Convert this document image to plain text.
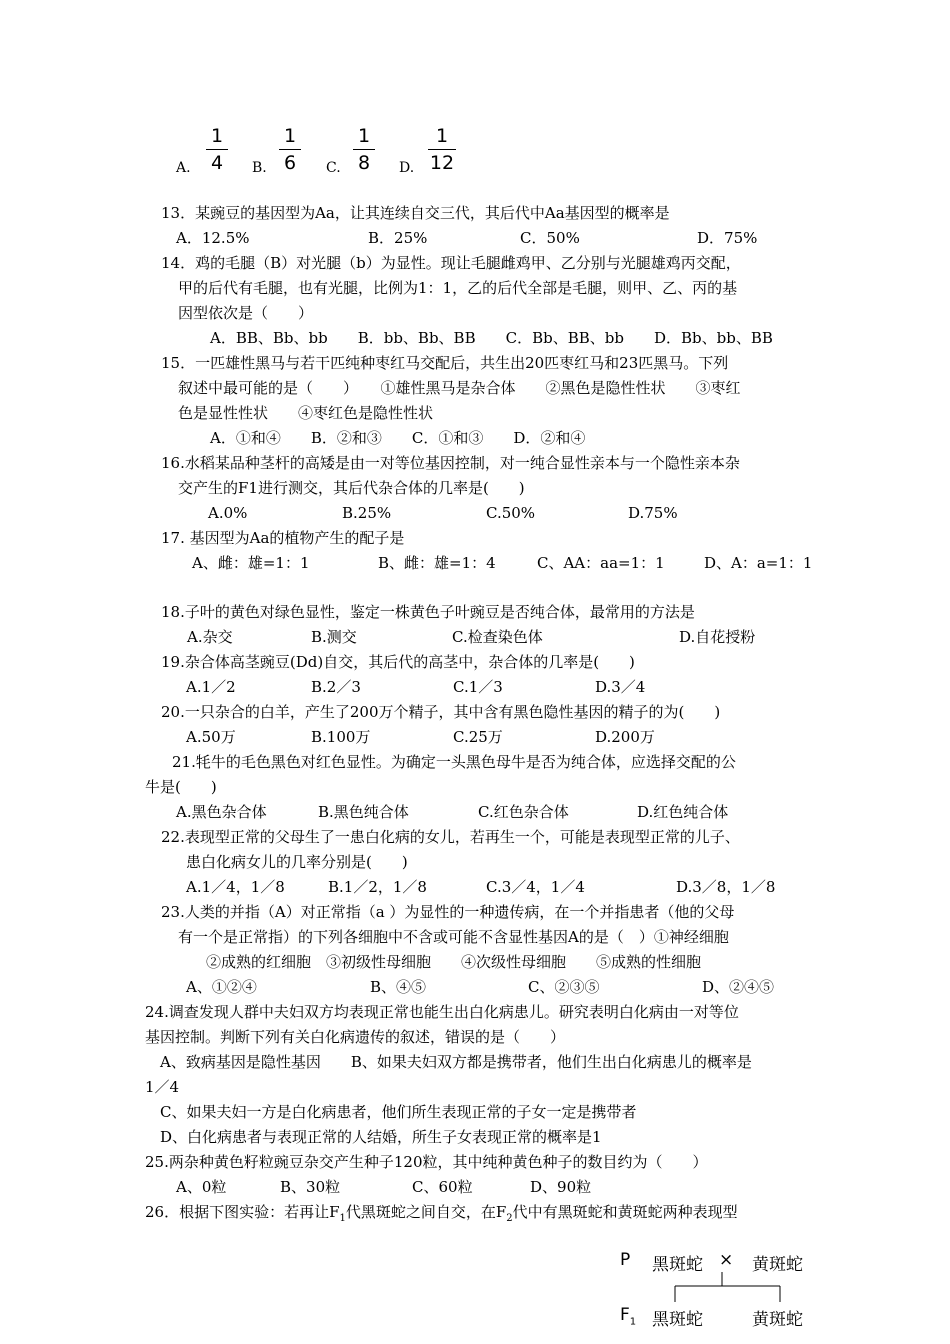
A.
1
4	B.
1
6	C.
1
8	D.
1
12
13．某豌豆的基因型为Aa，让其连续自交三代，其后代中Aa基因型的概率是
A．12.5%	B．25%	C．50%	D．75%
14．鸡的毛腿（B）对光腿（b）为显性。现让毛腿雌鸡甲、乙分别与光腿雄鸡丙交配，
甲的后代有毛腿，也有光腿，比例为1：1，乙的后代全部是毛腿，则甲、乙、丙的基
因型依次是（　　）
A．BB、Bb、bb　　B．bb、Bb、BB　　C．Bb、BB、bb　　D．Bb、bb、BB
15．一匹雄性黑马与若干匹纯种枣红马交配后，共生出20匹枣红马和23匹黑马。下列
叙述中最可能的是（　　）　　①雄性黑马是杂合体　　②黑色是隐性性状　　③枣红
色是显性性状　　④枣红色是隐性性状
A．①和④　　B．②和③　　C．①和③　　D．②和④
16.水稻某品种茎杆的高矮是由一对等位基因控制，对一纯合显性亲本与一个隐性亲本杂
交产生的F1进行测交，其后代杂合体的几率是(　　)
A.0%	B.25%	C.50%	D.75%
17. 基因型为Aa的植物产生的配子是
A、雌：雄=1：1	B、雌：雄=1：4	C、AA：aa=1：1	D、A：a=1：1
18.子叶的黄色对绿色显性，鉴定一株黄色子叶豌豆是否纯合体，最常用的方法是
A.杂交	B.测交	C.检查染色体	D.自花授粉
19.杂合体高茎豌豆(Dd)自交，其后代的高茎中，杂合体的几率是(　　)
A.1／2	B.2／3	C.1／3	D.3／4
20.一只杂合的白羊，产生了200万个精子，其中含有黑色隐性基因的精子的为(　　)
A.50万	B.100万	C.25万	D.200万
21.牦牛的毛色黑色对红色显性。为确定一头黑色母牛是否为纯合体，应选择交配的公
牛是(　　)
A.黑色杂合体	B.黑色纯合体	C.红色杂合体	D.红色纯合体
22.表现型正常的父母生了一患白化病的女儿，若再生一个，可能是表现型正常的儿子、
患白化病女儿的几率分别是(　　)
A.1／4，1／8	B.1／2，1／8	C.3／4，1／4	D.3／8，1／8
23.人类的并指（A）对正常指（a ）为显性的一种遗传病，在一个并指患者（他的父母
有一个是正常指）的下列各细胞中不含或可能不含显性基因A的是（　）①神经细胞
②成熟的红细胞　③初级性母细胞　　④次级性母细胞　　⑤成熟的性细胞
A、①②④	B、④⑤	C、②③⑤	D、②④⑤
24.调查发现人群中夫妇双方均表现正常也能生出白化病患儿。研究表明白化病由一对等位
基因控制。判断下列有关白化病遗传的叙述，错误的是（　　）
A、致病基因是隐性基因　　B、如果夫妇双方都是携带者，他们生出白化病患儿的概率是
1／4
C、如果夫妇一方是白化病患者，他们所生表现正常的子女一定是携带者
D、白化病患者与表现正常的人结婚，所生子女表现正常的概率是1
25.两杂种黄色籽粒豌豆杂交产生种子120粒，其中纯种黄色种子的数目约为（　　）
A、0粒	B、30粒	C、60粒	D、90粒
26．根据下图实验：若再让$F_1$代黑斑蛇之间自交，在$F_2$代中有黑斑蛇和黄斑蛇两种表现型
P 黑斑蛇 × 黄斑蛇
$F_1$ 黑斑蛇	黄斑蛇
